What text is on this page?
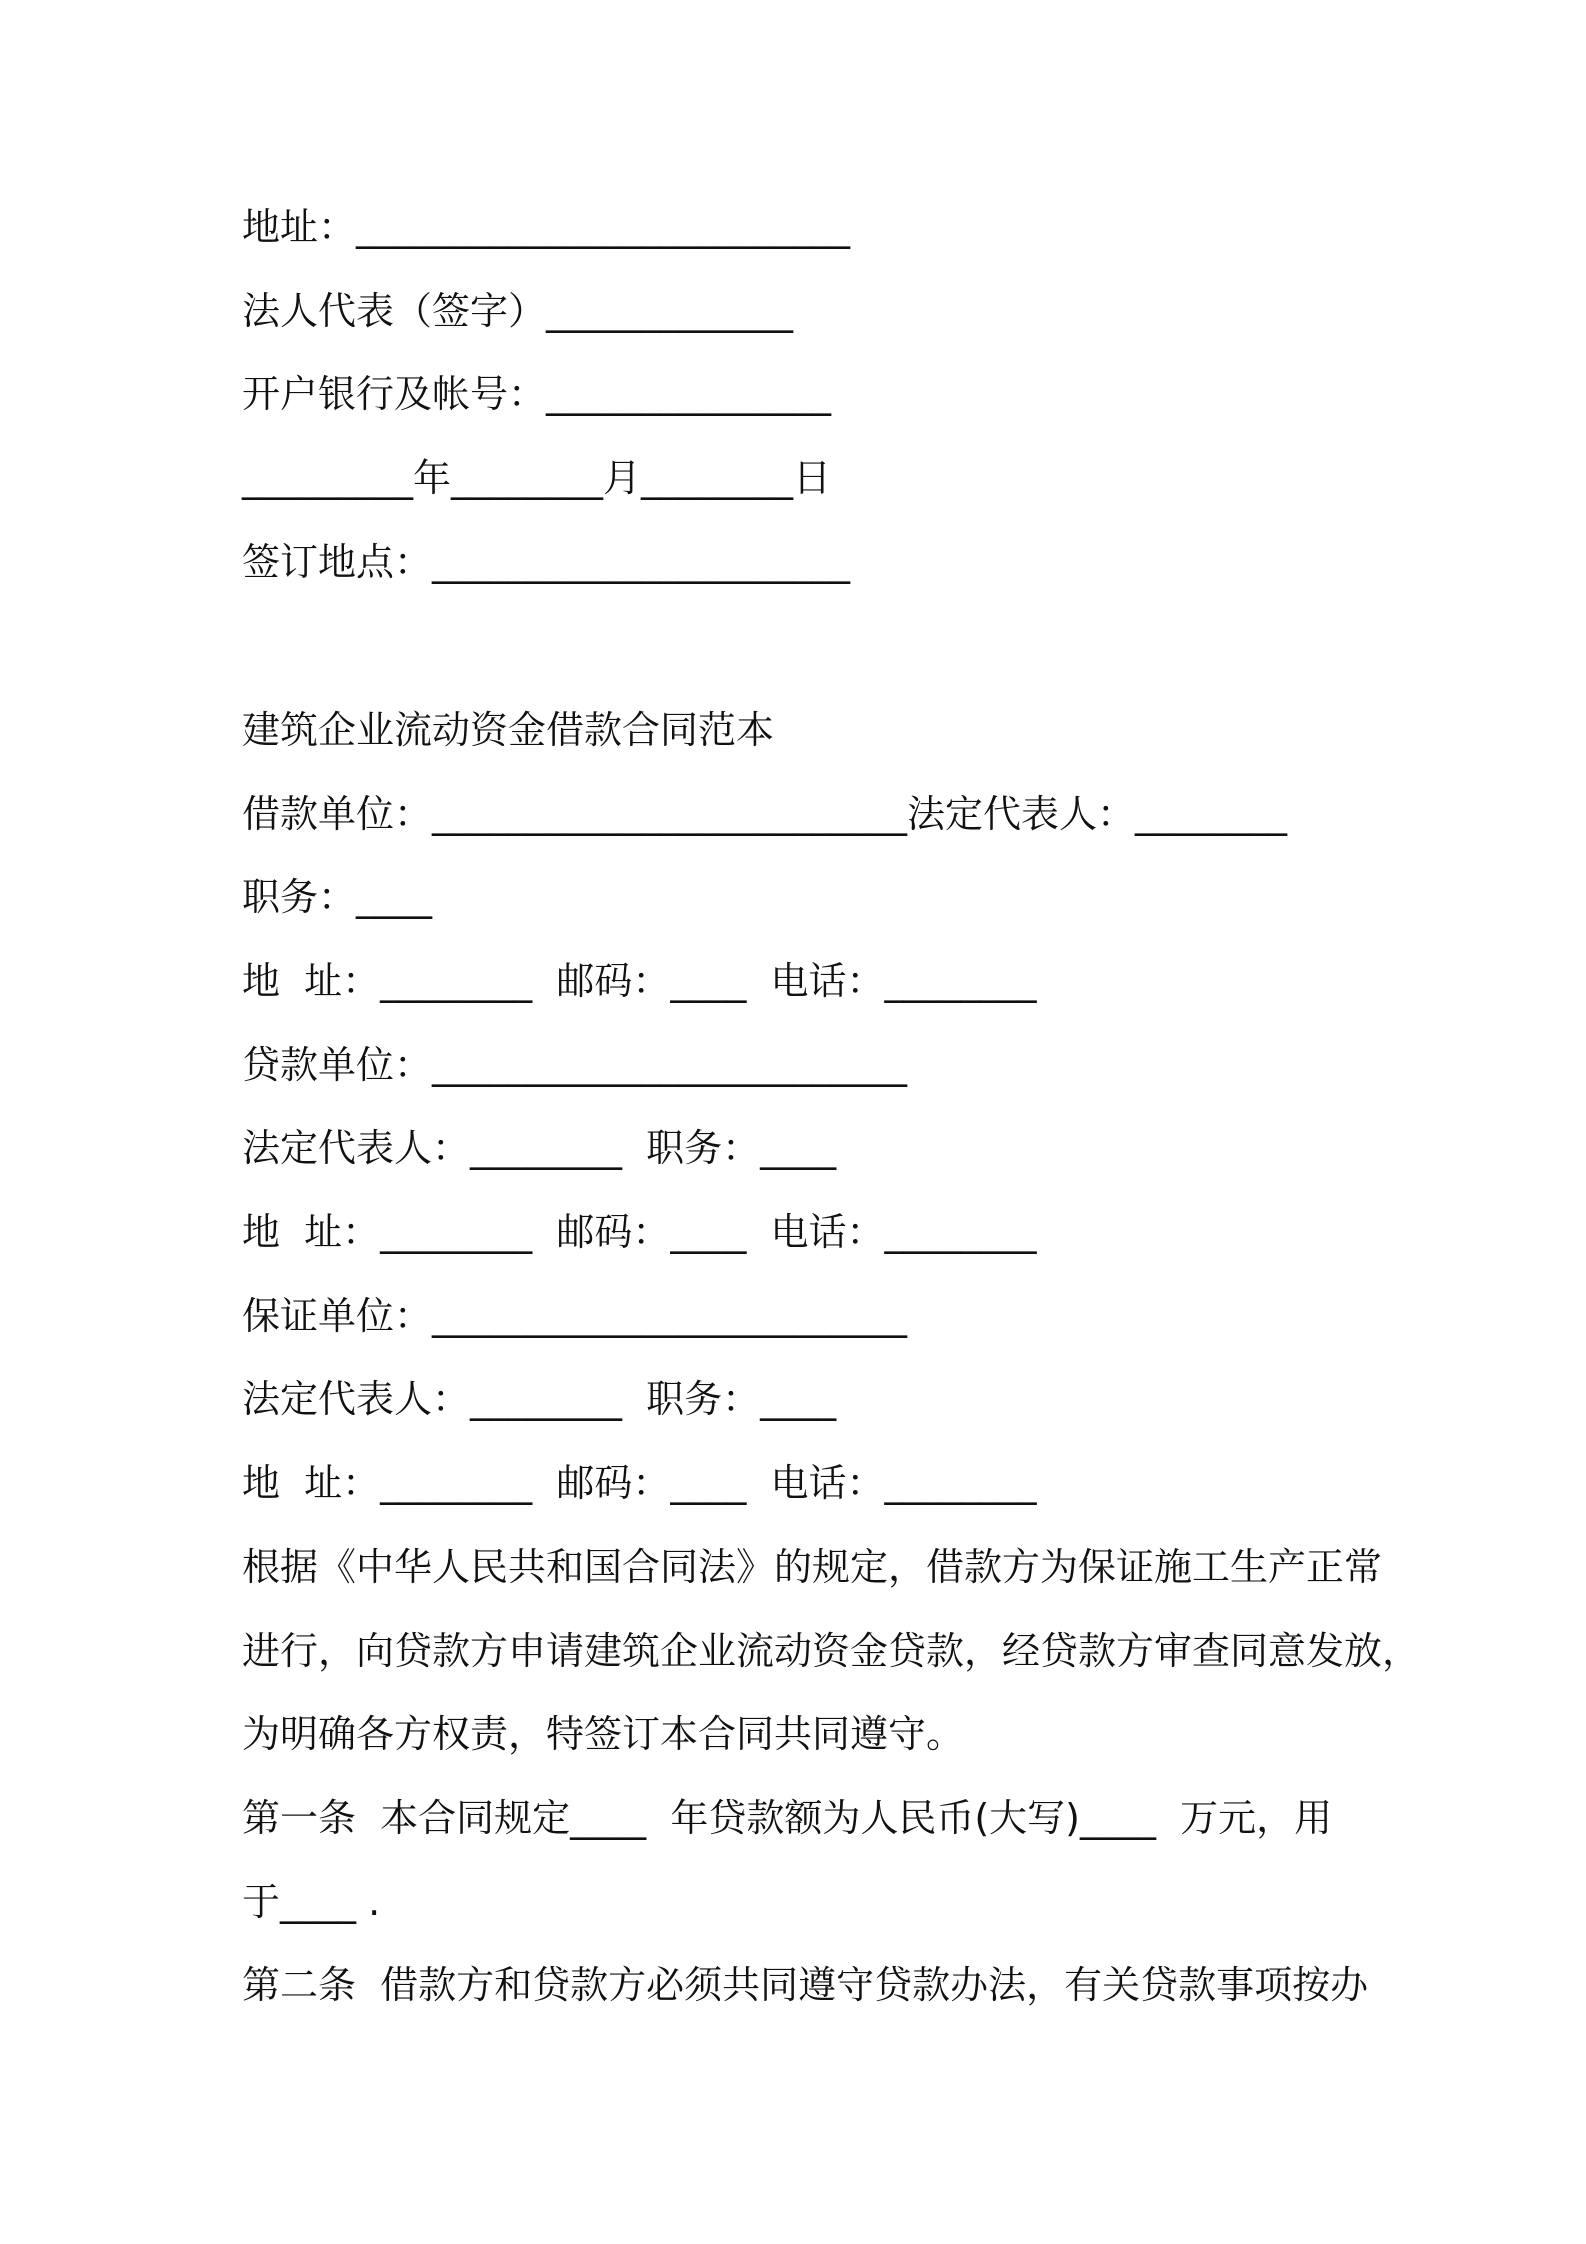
地址：__________________________
法人代表（签字）_____________
开户银行及帐号：_______________
_________年________月________日
签订地点：______________________
建筑企业流动资金借款合同范本
借款单位：_________________________法定代表人：________
职务：____
地  址：________  邮码：____  电话：________
贷款单位：_________________________
法定代表人：________  职务：____
地  址：________  邮码：____  电话：________
保证单位：_________________________
法定代表人：________  职务：____
地  址：________  邮码：____  电话：________
根据《中华人民共和国合同法》的规定，借款方为保证施工生产正常
进行，向贷款方申请建筑企业流动资金贷款，经贷款方审查同意发放，
为明确各方权责，特签订本合同共同遵守。
第一条  本合同规定____  年贷款额为人民币(大写)____  万元，用
于____ .
第二条  借款方和贷款方必须共同遵守贷款办法，有关贷款事项按办
